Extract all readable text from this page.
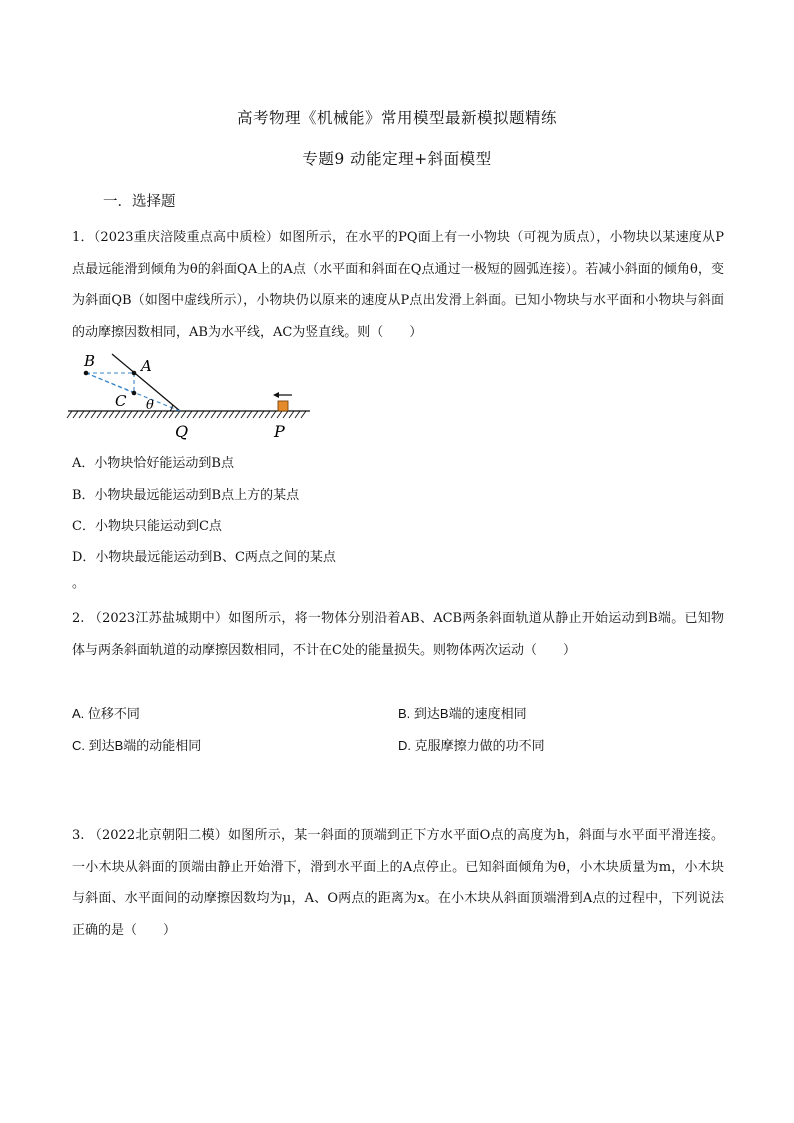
高考物理《机械能》常用模型最新模拟题精练
专题9 动能定理+斜面模型
一．选择题
1．（2023重庆涪陵重点高中质检）如图所示，在水平的PQ面上有一小物块（可视为质点），小物块以某速度从P点最远能滑到倾角为θ的斜面QA上的A点（水平面和斜面在Q点通过一极短的圆弧连接）。若减小斜面的倾角θ，变为斜面QB（如图中虚线所示），小物块仍以原来的速度从P点出发滑上斜面。已知小物块与水平面和小物块与斜面的动摩擦因数相同，AB为水平线，AC为竖直线。则（　　）
B	A
C θ
Q	P
A．小物块恰好能运动到B点
B．小物块最远能运动到B点上方的某点
C．小物块只能运动到C点
D．小物块最远能运动到B、C两点之间的某点
。
2. （2023江苏盐城期中）如图所示，将一物体分别沿着AB、ACB两条斜面轨道从静止开始运动到B端。已知物体与两条斜面轨道的动摩擦因数相同，不计在C处的能量损失。则物体两次运动（　　）
A. 位移不同	B. 到达B端的速度相同
C. 到达B端的动能相同	D. 克服摩擦力做的功不同
3. （2022北京朝阳二模）如图所示，某一斜面的顶端到正下方水平面O点的高度为h，斜面与水平面平滑连接。一小木块从斜面的顶端由静止开始滑下，滑到水平面上的A点停止。已知斜面倾角为θ，小木块质量为m，小木块与斜面、水平面间的动摩擦因数均为μ，A、O两点的距离为x。在小木块从斜面顶端滑到A点的过程中，下列说法正确的是（　　）
